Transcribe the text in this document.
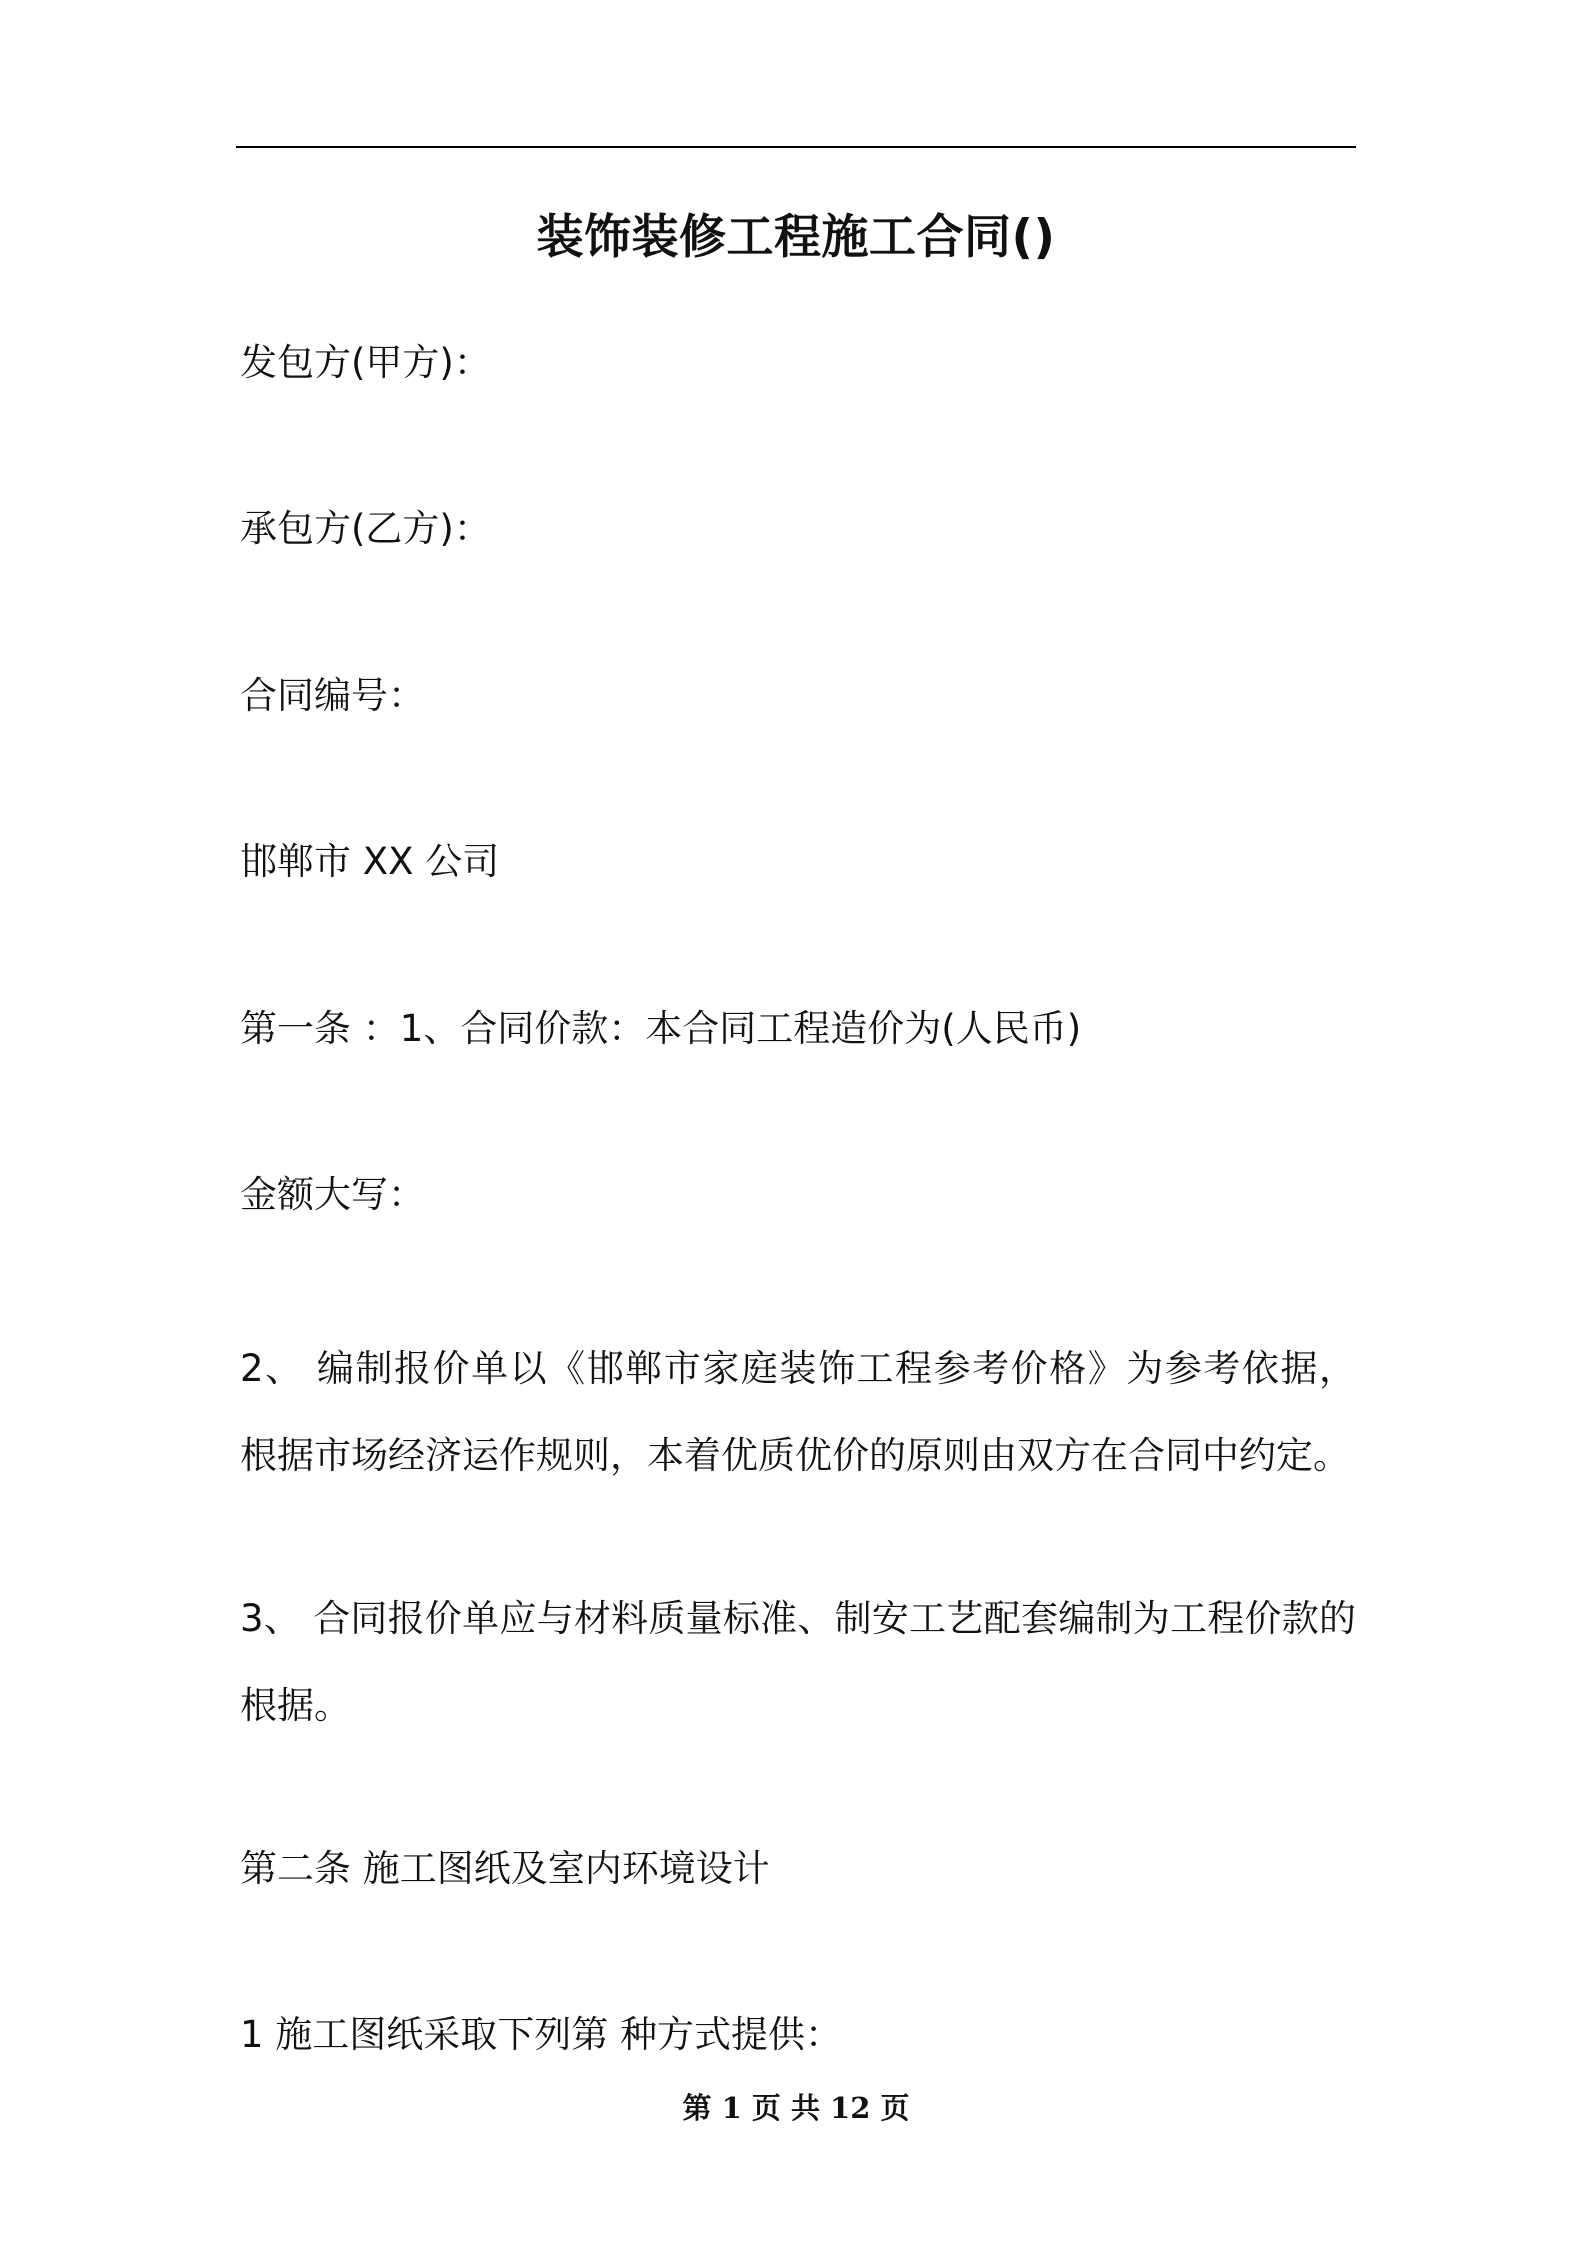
装饰装修工程施工合同()
发包方(甲方)：
承包方(乙方)：
合同编号：
邯郸市 XX 公司
第一条 ：1、合同价款：本合同工程造价为(人民币)
金额大写：
2、 编制报价单以《邯郸市家庭装饰工程参考价格》为参考依据， 根据市场经济运作规则，本着优质优价的原则由双方在合同中约定。
3、 合同报价单应与材料质量标准、制安工艺配套编制为工程价款的根据。
第二条 施工图纸及室内环境设计
1 施工图纸采取下列第 种方式提供：
第 1 页 共 12 页
